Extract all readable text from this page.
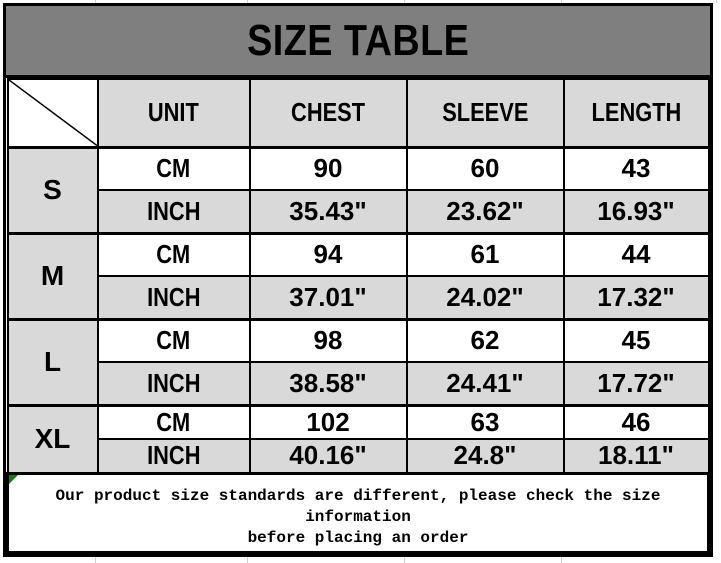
SIZE TABLE
	UNIT	CHEST	SLEEVE	LENGTH
S	CM	90	60	43
	INCH	35.43"	23.62"	16.93"
M	CM	94	61	44
	INCH	37.01"	24.02"	17.32"
L	CM	98	62	45
	INCH	38.58"	24.41"	17.72"
XL	CM	102	63	46
	INCH	40.16"	24.8"	18.11"

Our product size standards are different, please check the size information
before placing an order				
